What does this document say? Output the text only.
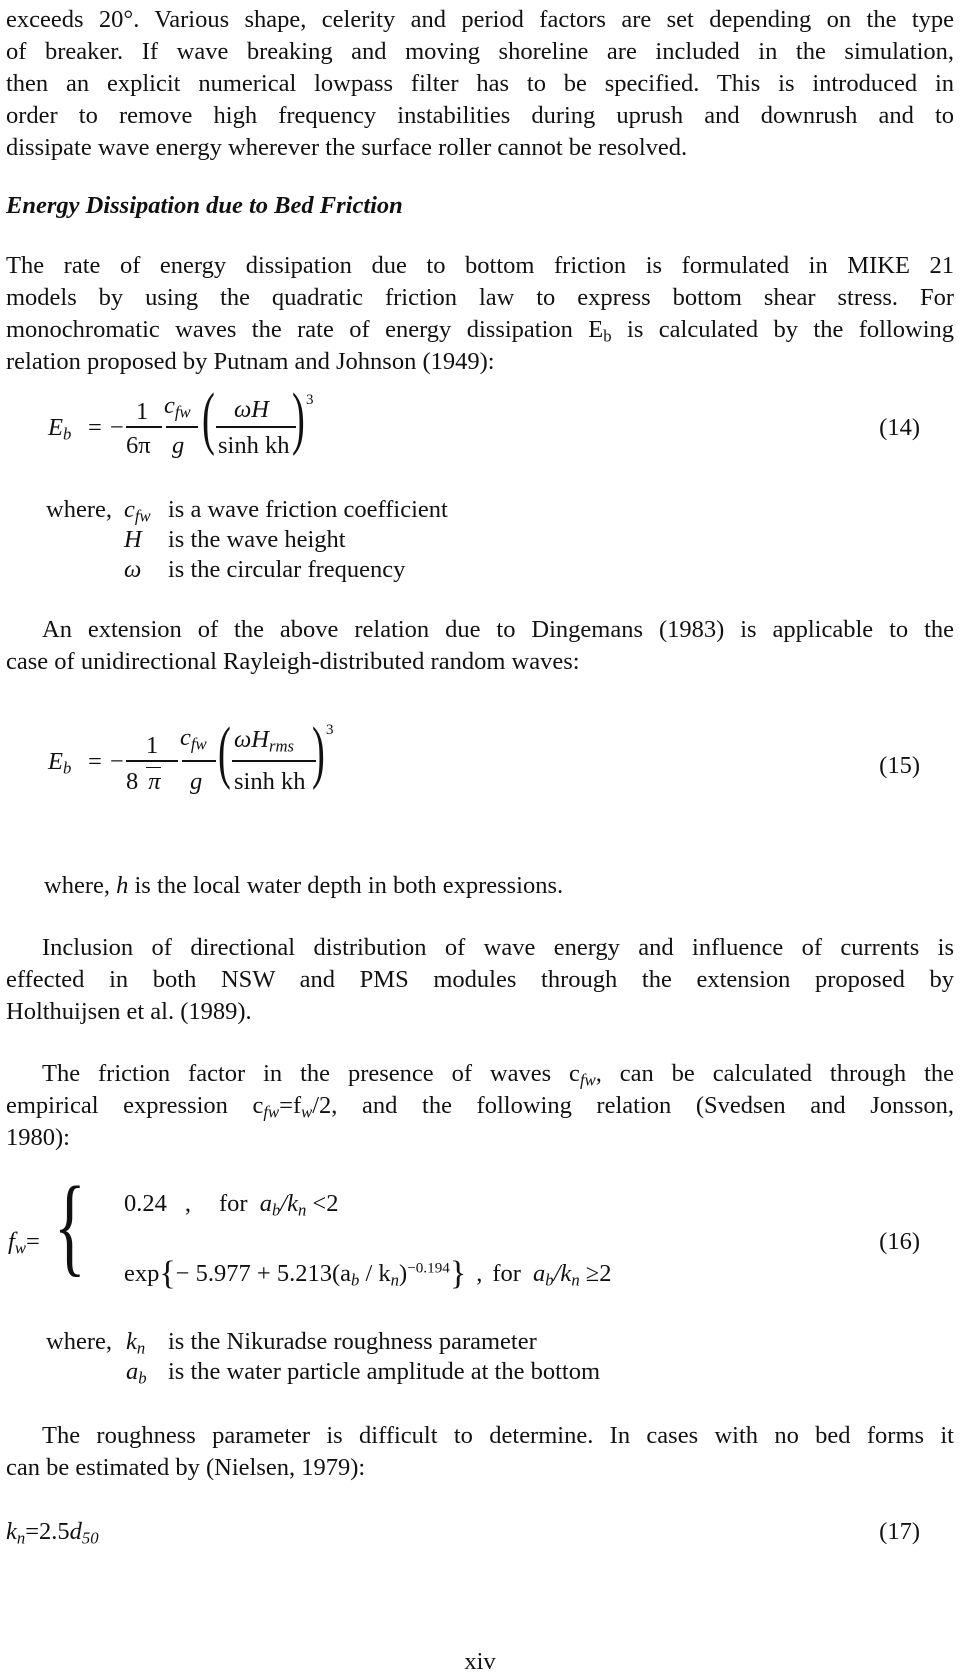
exceeds 20°. Various shape, celerity and period factors are set depending on the type
of breaker. If wave breaking and moving shoreline are included in the simulation,
then an explicit numerical lowpass filter has to be specified. This is introduced in
order to remove high frequency instabilities during uprush and downrush and to
dissipate wave energy wherever the surface roller cannot be resolved.
Energy Dissipation due to Bed Friction
The rate of energy dissipation due to bottom friction is formulated in MIKE 21
models by using the quadratic friction law to express bottom shear stress. For
monochromatic waves the rate of energy dissipation $E_b$ is calculated by the following
relation proposed by Putnam and Johnson (1949):
$E_b$ = −
1
6π
$c_{fw}$
g ( ωH
sinh kh ) 3
(14)
where, $c_{fw}$ is a wave friction coefficient
H is the wave height
ω is the circular frequency
An extension of the above relation due to Dingemans (1983) is applicable to the
case of unidirectional Rayleigh-distributed random waves:
$E_b$ = −
1
8 π
$c_{fw}$
g ( $\omega H_{rms}$
sinh kh ) 3
(15)
where, h is the local water depth in both expressions.
Inclusion of directional distribution of wave energy and influence of currents is
effected in both NSW and PMS modules through the extension proposed by
Holthuijsen et al. (1989).
The friction factor in the presence of waves $c_{fw}$, can be calculated through the
empirical expression $c_{fw}=f_w/2$, and the following relation (Svedsen and Jonsson,
1980):
$f_w=$ { 0.24 , for $a_b/k_n <2$
$\exp\{- 5.977 + 5.213(a_b / k_n)^{-0.194}\}$ , for $a_b/k_n \ge 2$
(16)
where, $k_n$ is the Nikuradse roughness parameter
$a_b$ is the water particle amplitude at the bottom
The roughness parameter is difficult to determine. In cases with no bed forms it
can be estimated by (Nielsen, 1979):
$k_n=2.5d_{50}$	(17)
xiv
